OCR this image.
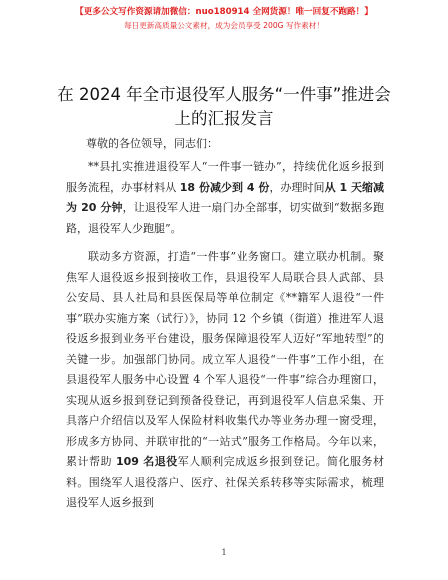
【更多公文写作资源请加微信：nuo180914 全网货源！唯一回复不跑路！】
每日更新高质量公文素材，成为会员享受 200G 写作素材！
在 2024 年全市退役军人服务“一件事”推进会
上的汇报发言
尊敬的各位领导，同志们：

**县扎实推进退役军人“一件事一链办”，持续优化返乡报到服务流程，办事材料从 18 份减少到 4 份，办理时间从 1 天缩减为 20 分钟，让退役军人进一扇门办全部事，切实做到“数据多跑路，退役军人少跑腿”。

联动多方资源，打造“一件事”业务窗口。建立联办机制。聚焦军人退役返乡报到接收工作，县退役军人局联合县人武部、县公安局、县人社局和县医保局等单位制定《**籍军人退役“一件事”联办实施方案（试行）》，协同 12 个乡镇（街道）推进军人退役返乡报到业务平台建设，服务保障退役军人迈好“军地转型”的关键一步。加强部门协同。成立军人退役“一件事”工作小组，在县退役军人服务中心设置 4 个军人退役“一件事”综合办理窗口，实现从返乡报到登记到预备役登记，再到退役军人信息采集、开具落户介绍信以及军人保险材料收集代办等业务办理一窗受理，形成多方协同、并联审批的“一站式”服务工作格局。今年以来，累计帮助 109 名退役军人顺利完成返乡报到登记。简化服务材料。围绕军人退役落户、医疗、社保关系转移等实际需求，梳理退役军人返乡报到

1
